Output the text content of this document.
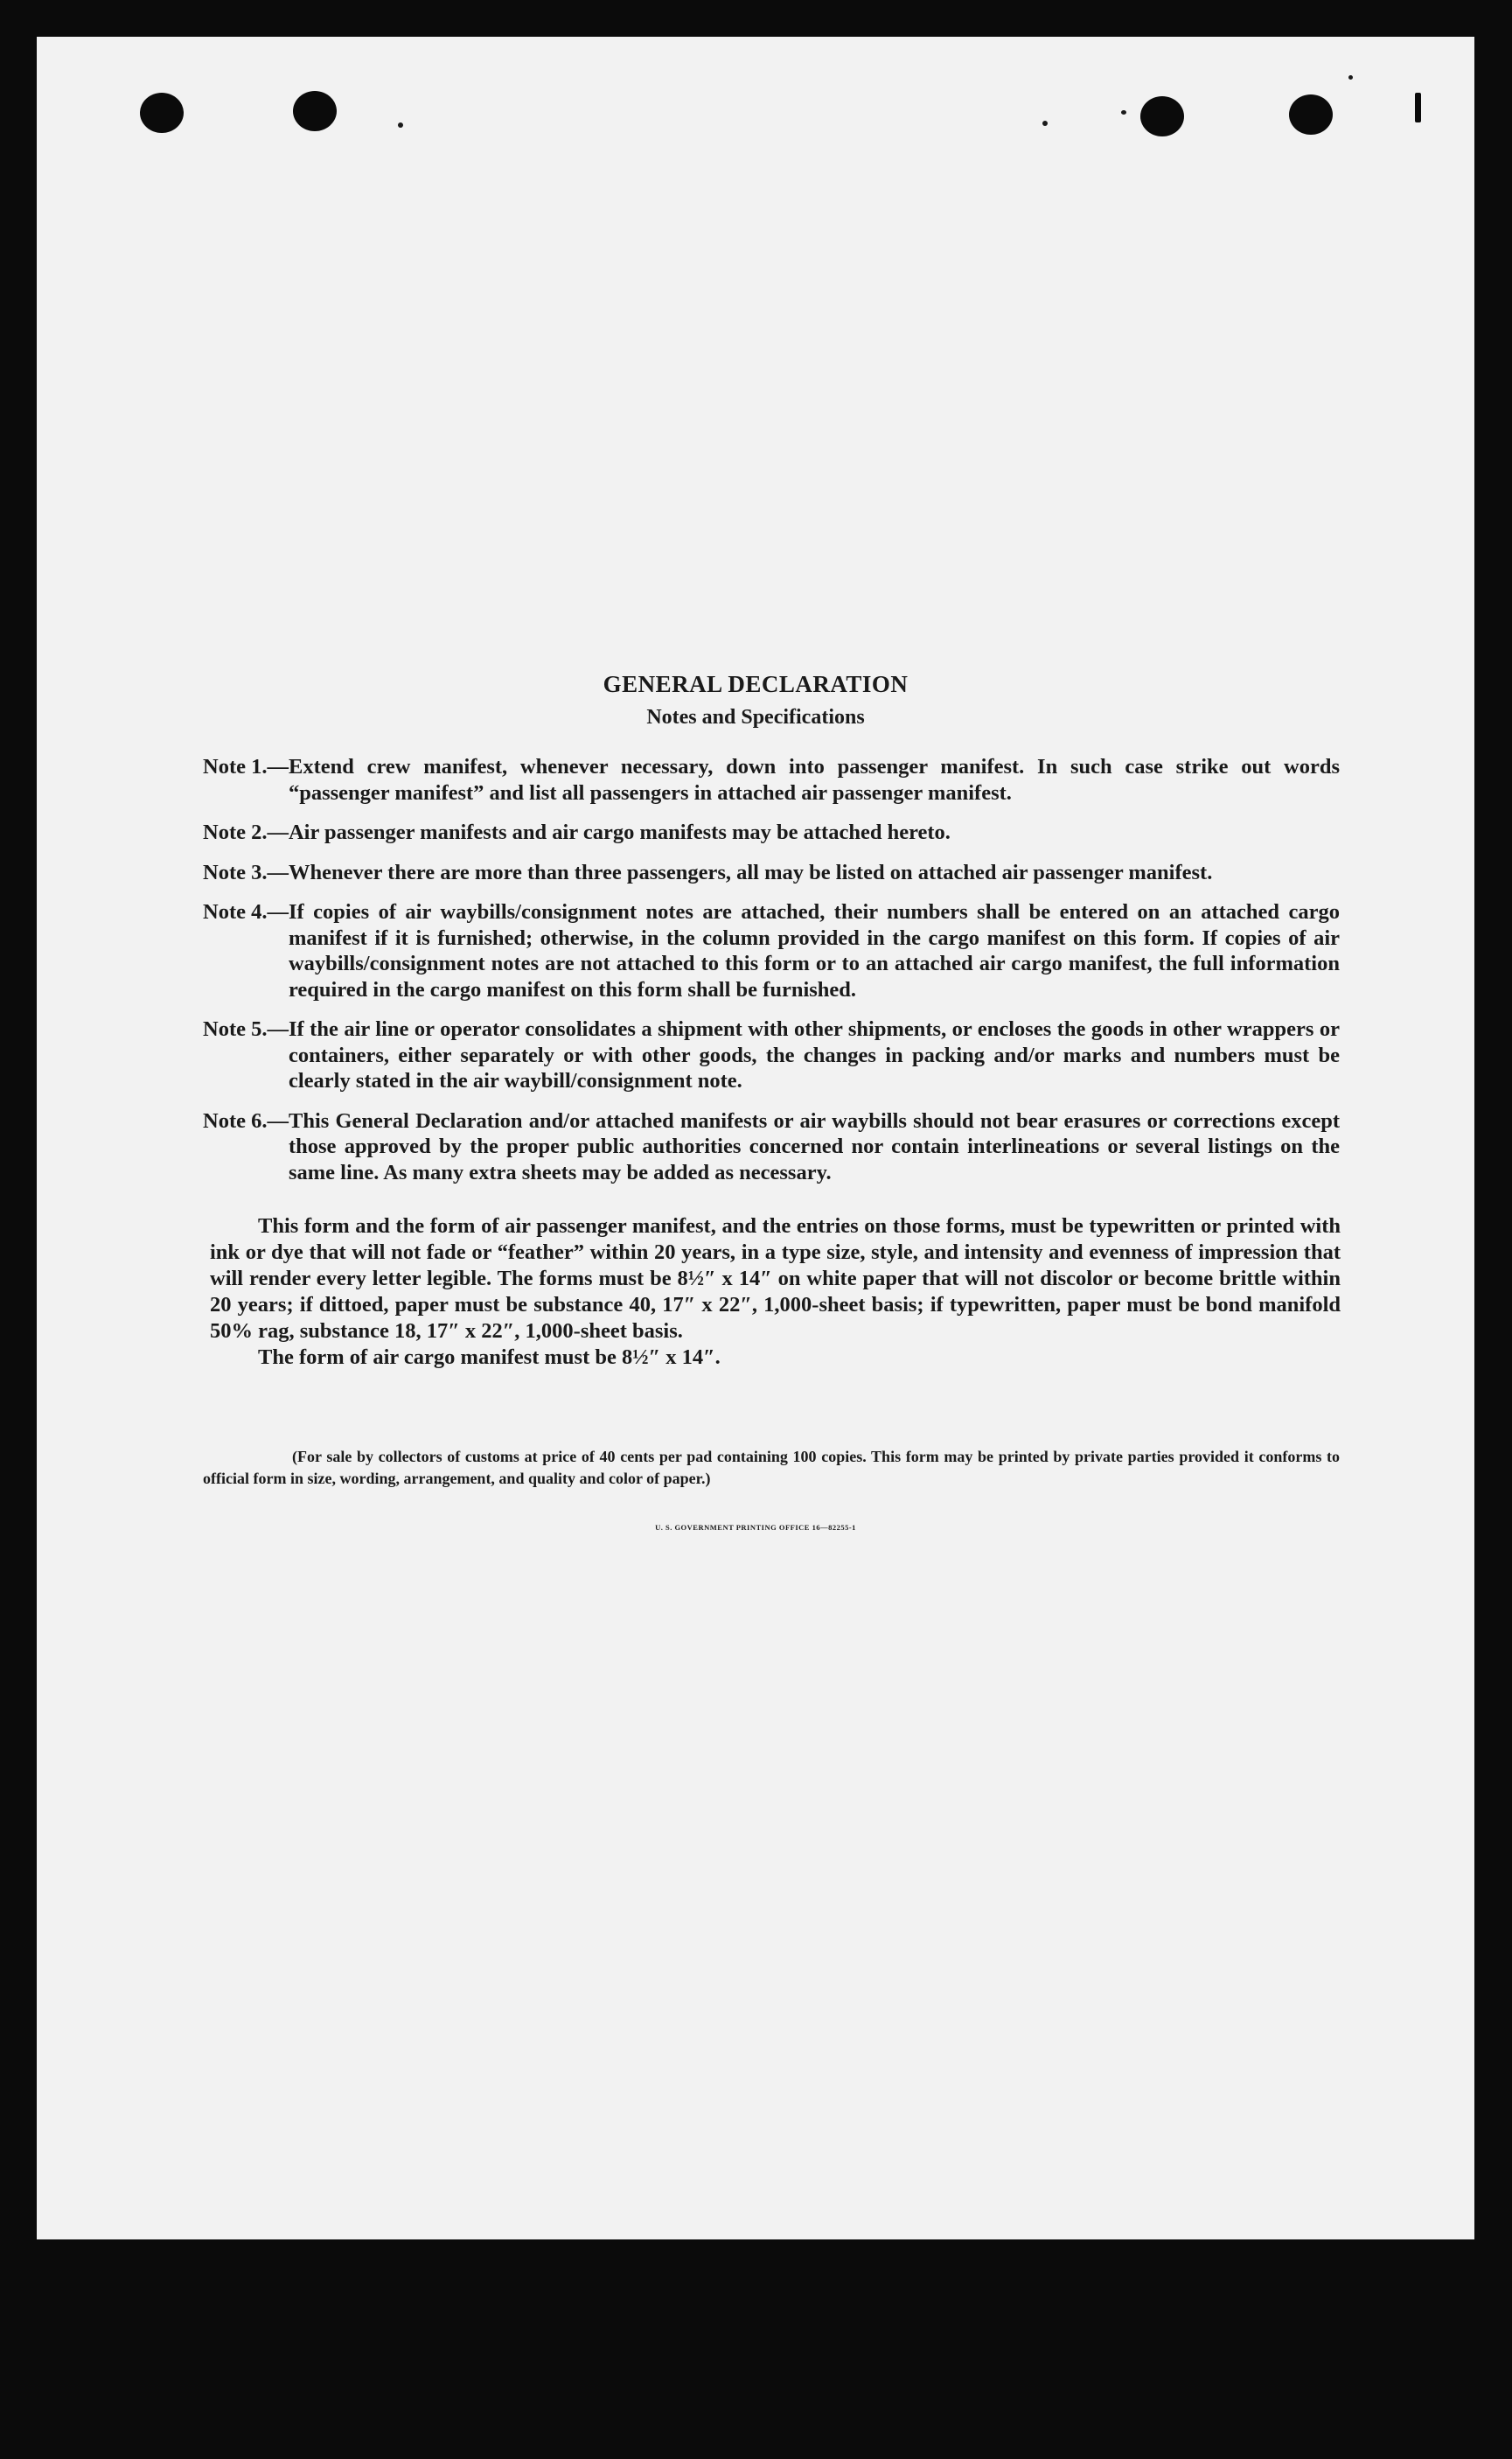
GENERAL DECLARATION
Notes and Specifications
Note 1.— Extend crew manifest, whenever necessary, down into passenger manifest. In such case strike out words “passenger manifest” and list all passengers in attached air passenger manifest.
Note 2.— Air passenger manifests and air cargo manifests may be attached hereto.
Note 3.— Whenever there are more than three passengers, all may be listed on attached air passenger manifest.
Note 4.— If copies of air waybills/consignment notes are attached, their numbers shall be entered on an attached cargo manifest if it is furnished; otherwise, in the column provided in the cargo manifest on this form. If copies of air waybills/consignment notes are not attached to this form or to an attached air cargo manifest, the full information required in the cargo manifest on this form shall be furnished.
Note 5.— If the air line or operator consolidates a shipment with other shipments, or encloses the goods in other wrappers or containers, either separately or with other goods, the changes in packing and/or marks and numbers must be clearly stated in the air waybill/consignment note.
Note 6.— This General Declaration and/or attached manifests or air waybills should not bear erasures or corrections except those approved by the proper public authorities concerned nor contain interlineations or several listings on the same line. As many extra sheets may be added as necessary.

This form and the form of air passenger manifest, and the entries on those forms, must be typewritten or printed with ink or dye that will not fade or “feather” within 20 years, in a type size, style, and intensity and evenness of impression that will render every letter legible. The forms must be 8½″ x 14″ on white paper that will not discolor or become brittle within 20 years; if dittoed, paper must be substance 40, 17″ x 22″, 1,000-sheet basis; if typewritten, paper must be bond manifold 50% rag, substance 18, 17″ x 22″, 1,000-sheet basis.

The form of air cargo manifest must be 8½″ x 14″.

(For sale by collectors of customs at price of 40 cents per pad containing 100 copies. This form may be printed by private parties provided it conforms to official form in size, wording, arrangement, and quality and color of paper.)

U. S. GOVERNMENT PRINTING OFFICE 16—82255-1
